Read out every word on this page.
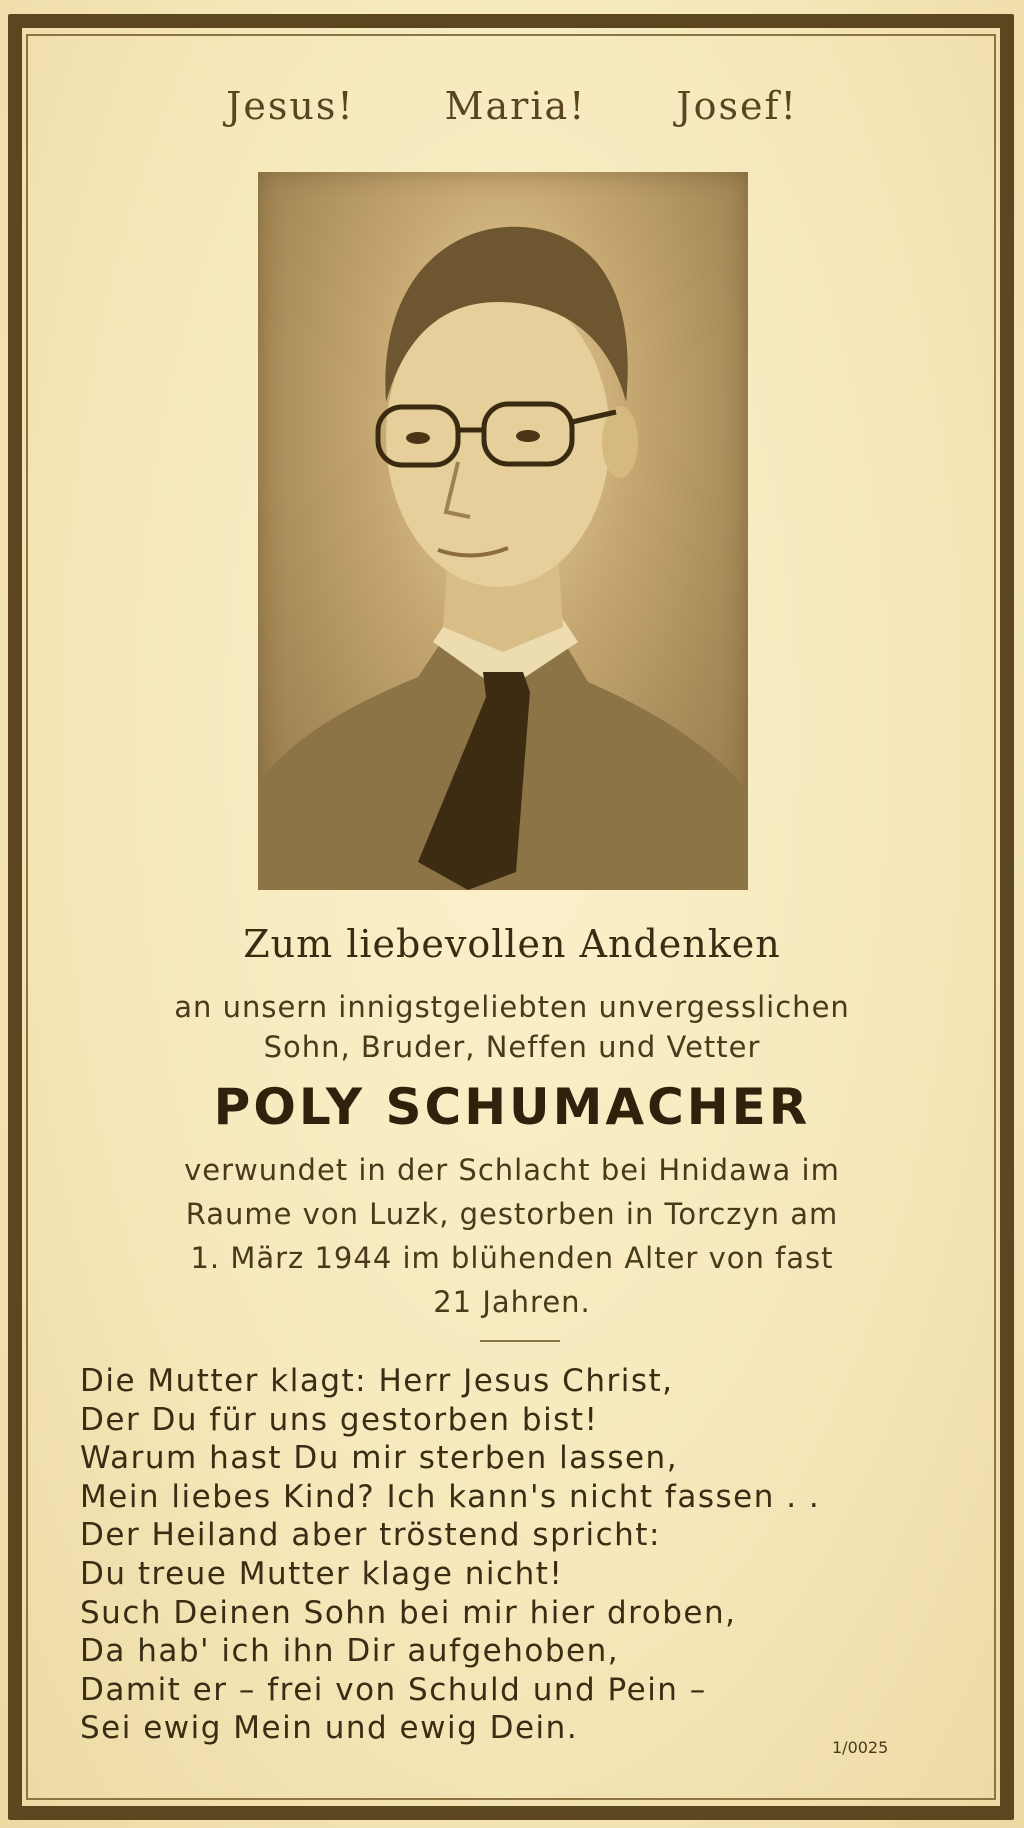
Jesus! Maria! Josef!
Zum liebevollen Andenken
an unsern innigstgeliebten unvergesslichen
Sohn, Bruder, Neffen und Vetter
POLY SCHUMACHER
verwundet in der Schlacht bei Hnidawa im
Raume von Luzk, gestorben in Torczyn am
1. März 1944 im blühenden Alter von fast
21 Jahren.
Die Mutter klagt: Herr Jesus Christ,
Der Du für uns gestorben bist!
Warum hast Du mir sterben lassen,
Mein liebes Kind? Ich kann's nicht fassen . .
Der Heiland aber tröstend spricht:
Du treue Mutter klage nicht!
Such Deinen Sohn bei mir hier droben,
Da hab' ich ihn Dir aufgehoben,
Damit er – frei von Schuld und Pein –
Sei ewig Mein und ewig Dein.
1/0025
